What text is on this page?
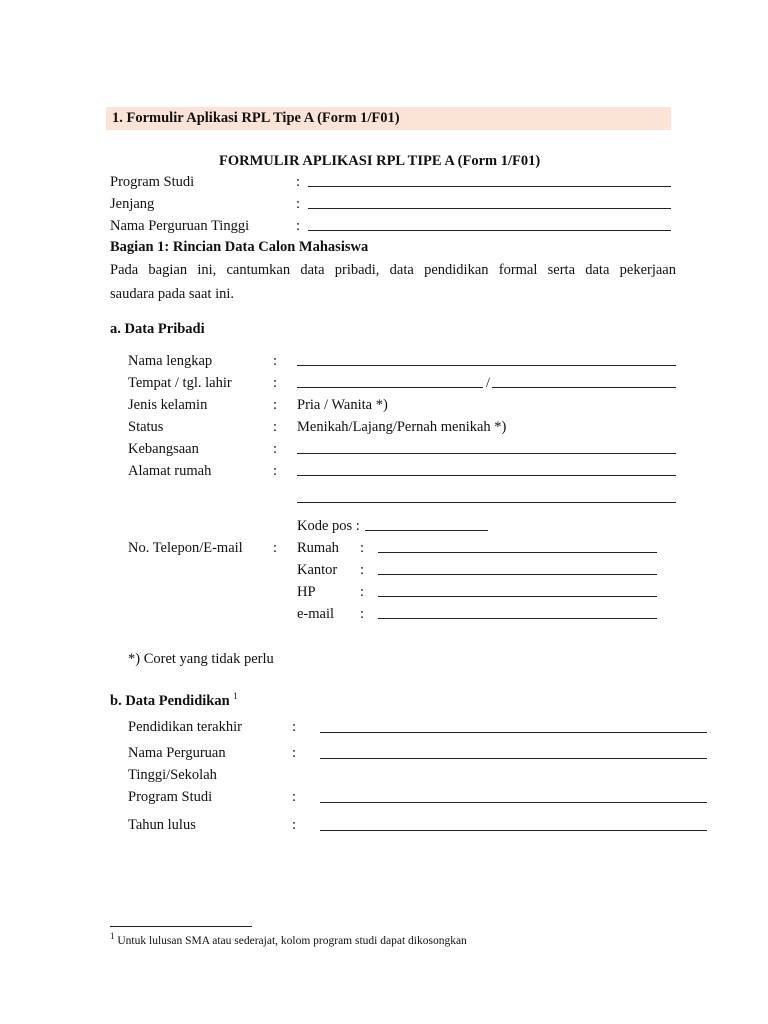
1. Formulir Aplikasi RPL Tipe A (Form 1/F01)
FORMULIR APLIKASI RPL TIPE A (Form 1/F01)
Program Studi	:
Jenjang	:
Nama Perguruan Tinggi	:
Bagian 1: Rincian Data Calon Mahasiswa
Pada bagian ini, cantumkan data pribadi, data pendidikan formal serta data pekerjaan
saudara pada saat ini.
a. Data Pribadi
Nama lengkap	:
Tempat / tgl. lahir	:	/
Jenis kelamin	: Pria / Wanita *)
Status	: Menikah/Lajang/Pernah menikah *)
Kebangsaan	:
Alamat rumah	:
Kode pos :
No. Telepon/E-mail : Rumah :
Kantor :
HP	:
e-mail :
*) Coret yang tidak perlu
b. Data Pendidikan $^1$
Pendidikan terakhir	:
Nama Perguruan
Tinggi/Sekolah
:
Program Studi	:
Tahun lulus	:
$^1$ Untuk lulusan SMA atau sederajat, kolom program studi dapat dikosongkan
